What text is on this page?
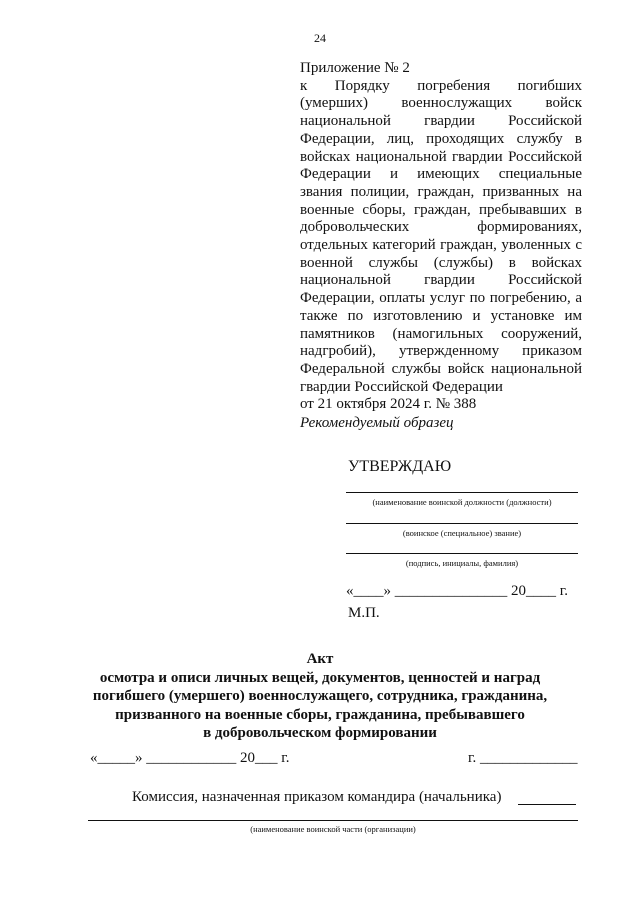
24

Приложение № 2

к Порядку погребения погибших (умерших) военнослужащих войск национальной гвардии Российской Федерации, лиц, проходящих службу в войсках национальной гвардии Российской Федерации и имеющих специальные звания полиции, граждан, призванных на военные сборы, граждан, пребывавших в добровольческих формированиях, отдельных категорий граждан, уволенных с военной службы (службы) в войсках национальной гвардии Российской Федерации, оплаты услуг по погребению, а также по изготовлению и установке им памятников (намогильных сооружений, надгробий), утвержденному приказом Федеральной службы войск национальной гвардии Российской Федерации

от 21 октября 2024 г. № 388

Рекомендуемый образец
УТВЕРЖДАЮ
(наименование воинской должности (должности)
(воинское (специальное) звание)
(подпись, инициалы, фамилия)
«____» _______________ 20____ г.
М.П.
Акт
осмотра и описи личных вещей, документов, ценностей и наград
погибшего (умершего) военнослужащего, сотрудника, гражданина,
призванного на военные сборы, гражданина, пребывавшего
в добровольческом формировании
«_____» ____________ 20___ г.	г. _____________
Комиссия, назначенная приказом командира (начальника)
(наименование воинской части (организации)
